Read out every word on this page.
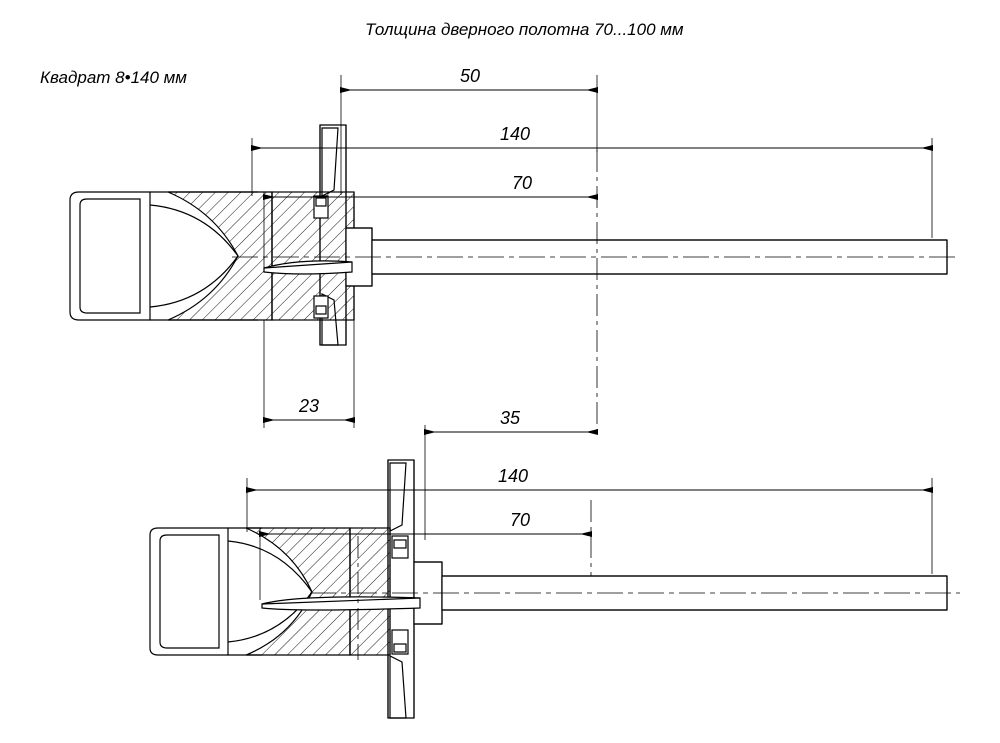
Толщина дверного полотна 70...100 мм
Квадрат 8•140 мм	50
140
70
23
35
140
70
